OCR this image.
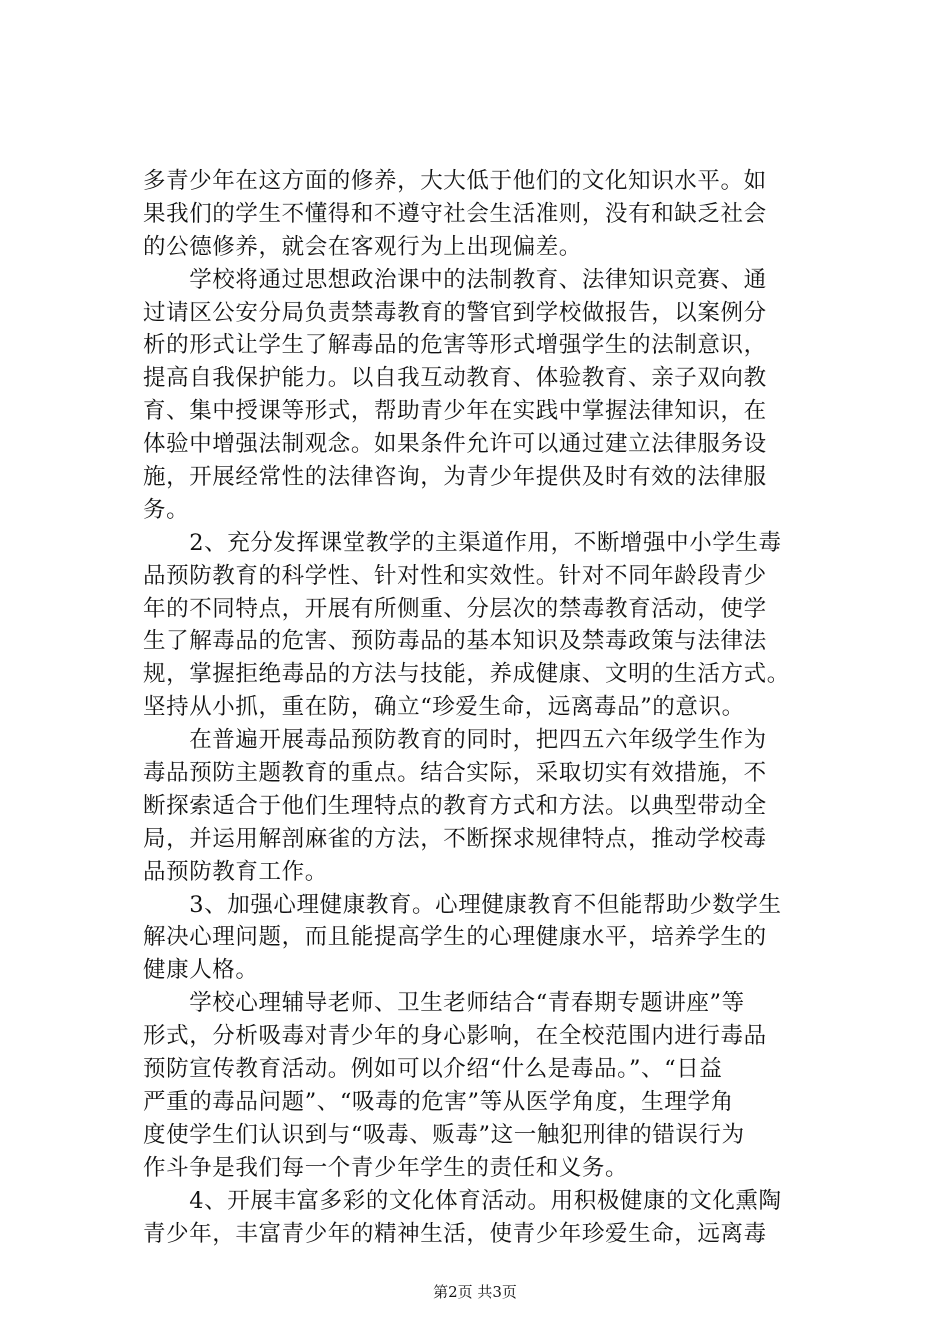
多青少年在这方面的修养，大大低于他们的文化知识水平。如
果我们的学生不懂得和不遵守社会生活准则，没有和缺乏社会
的公德修养，就会在客观行为上出现偏差。
　　学校将通过思想政治课中的法制教育、法律知识竞赛、通
过请区公安分局负责禁毒教育的警官到学校做报告，以案例分
析的形式让学生了解毒品的危害等形式增强学生的法制意识，
提高自我保护能力。以自我互动教育、体验教育、亲子双向教
育、集中授课等形式，帮助青少年在实践中掌握法律知识，在
体验中增强法制观念。如果条件允许可以通过建立法律服务设
施，开展经常性的法律咨询，为青少年提供及时有效的法律服
务。
　　2、充分发挥课堂教学的主渠道作用，不断增强中小学生毒
品预防教育的科学性、针对性和实效性。针对不同年龄段青少
年的不同特点，开展有所侧重、分层次的禁毒教育活动，使学
生了解毒品的危害、预防毒品的基本知识及禁毒政策与法律法
规，掌握拒绝毒品的方法与技能，养成健康、文明的生活方式。
坚持从小抓，重在防，确立“珍爱生命，远离毒品”的意识。
　　在普遍开展毒品预防教育的同时，把四五六年级学生作为
毒品预防主题教育的重点。结合实际，采取切实有效措施，不
断探索适合于他们生理特点的教育方式和方法。以典型带动全
局，并运用解剖麻雀的方法，不断探求规律特点，推动学校毒
品预防教育工作。
　　3、加强心理健康教育。心理健康教育不但能帮助少数学生
解决心理问题，而且能提高学生的心理健康水平，培养学生的
健康人格。
　　学校心理辅导老师、卫生老师结合“青春期专题讲座”等
形式，分析吸毒对青少年的身心影响，在全校范围内进行毒品
预防宣传教育活动。例如可以介绍“什么是毒品。”、“日益
严重的毒品问题”、“吸毒的危害”等从医学角度，生理学角
度使学生们认识到与“吸毒、贩毒”这一触犯刑律的错误行为
作斗争是我们每一个青少年学生的责任和义务。
　　4、开展丰富多彩的文化体育活动。用积极健康的文化熏陶
青少年，丰富青少年的精神生活，使青少年珍爱生命，远离毒
第2页 共3页
